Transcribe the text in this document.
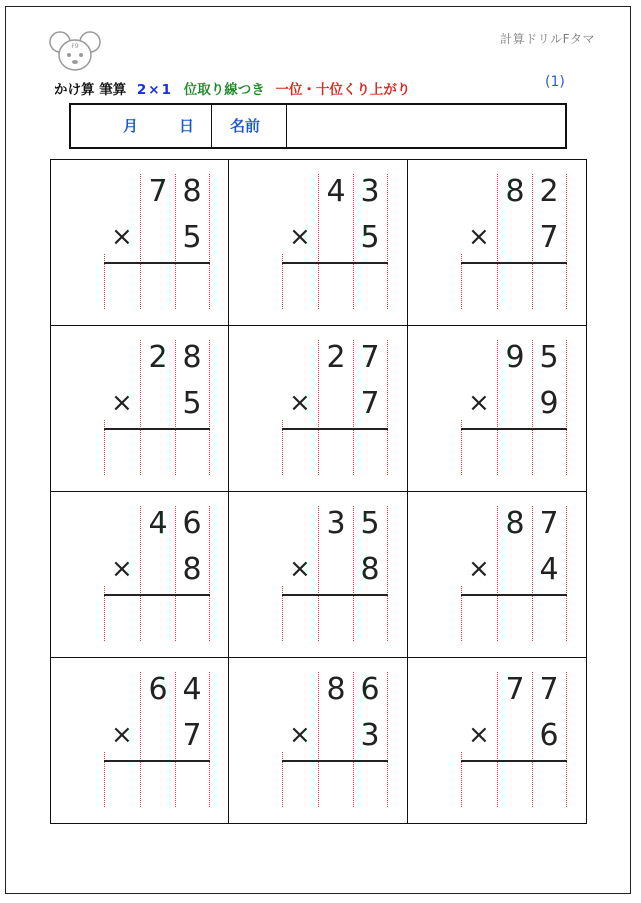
F9
計算ドリルFタマ
かけ算 筆算 2×1 位取り線つき 一位・十位くり上がり	(1)
月	日 名前
7 8
× 5
4 3
× 5
8 2
× 7
2 8
× 5
2 7
× 7
9 5
× 9
4 6
× 8
3 5
× 8
8 7
× 4
6 4
× 7
8 6
× 3
7 7
× 6
